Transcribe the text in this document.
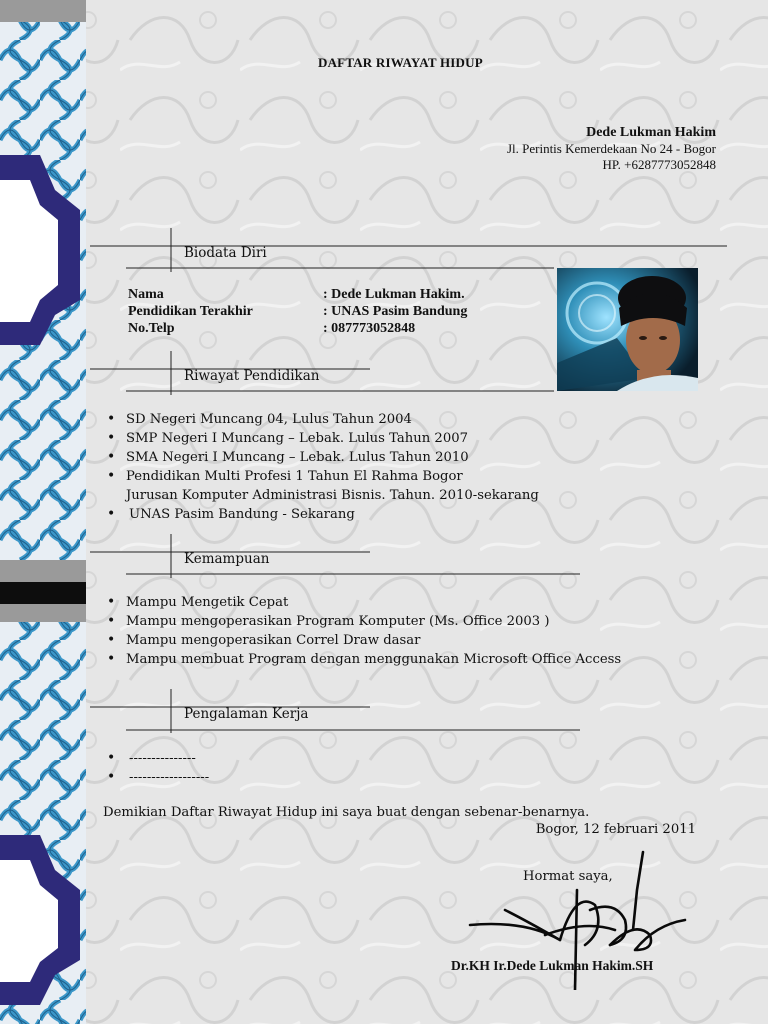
DAFTAR RIWAYAT HIDUP
Dede Lukman Hakim
Jl. Perintis Kemerdekaan No 24 - Bogor
HP. +6287773052848
Biodata Diri
Nama	: Dede Lukman Hakim.
Pendidikan Terakhir	: UNAS Pasim Bandung
No.Telp	: 087773052848
Riwayat Pendidikan
• SD Negeri Muncang 04, Lulus Tahun 2004
• SMP Negeri I Muncang – Lebak. Lulus Tahun 2007
• SMA Negeri I Muncang – Lebak. Lulus Tahun 2010
• Pendidikan Multi Profesi 1 Tahun El Rahma Bogor
Jurusan Komputer Administrasi Bisnis. Tahun. 2010-sekarang
• UNAS Pasim Bandung - Sekarang
Kemampuan
• Mampu Mengetik Cepat
• Mampu mengoperasikan Program Komputer (Ms. Office 2003 )
• Mampu mengoperasikan Correl Draw dasar
• Mampu membuat Program dengan menggunakan Microsoft Office Access
Pengalaman Kerja
• ---------------
• ------------------
Demikian Daftar Riwayat Hidup ini saya buat dengan sebenar-benarnya.
Bogor, 12 februari 2011
Hormat saya,
Dr.KH Ir.Dede Lukman Hakim.SH
